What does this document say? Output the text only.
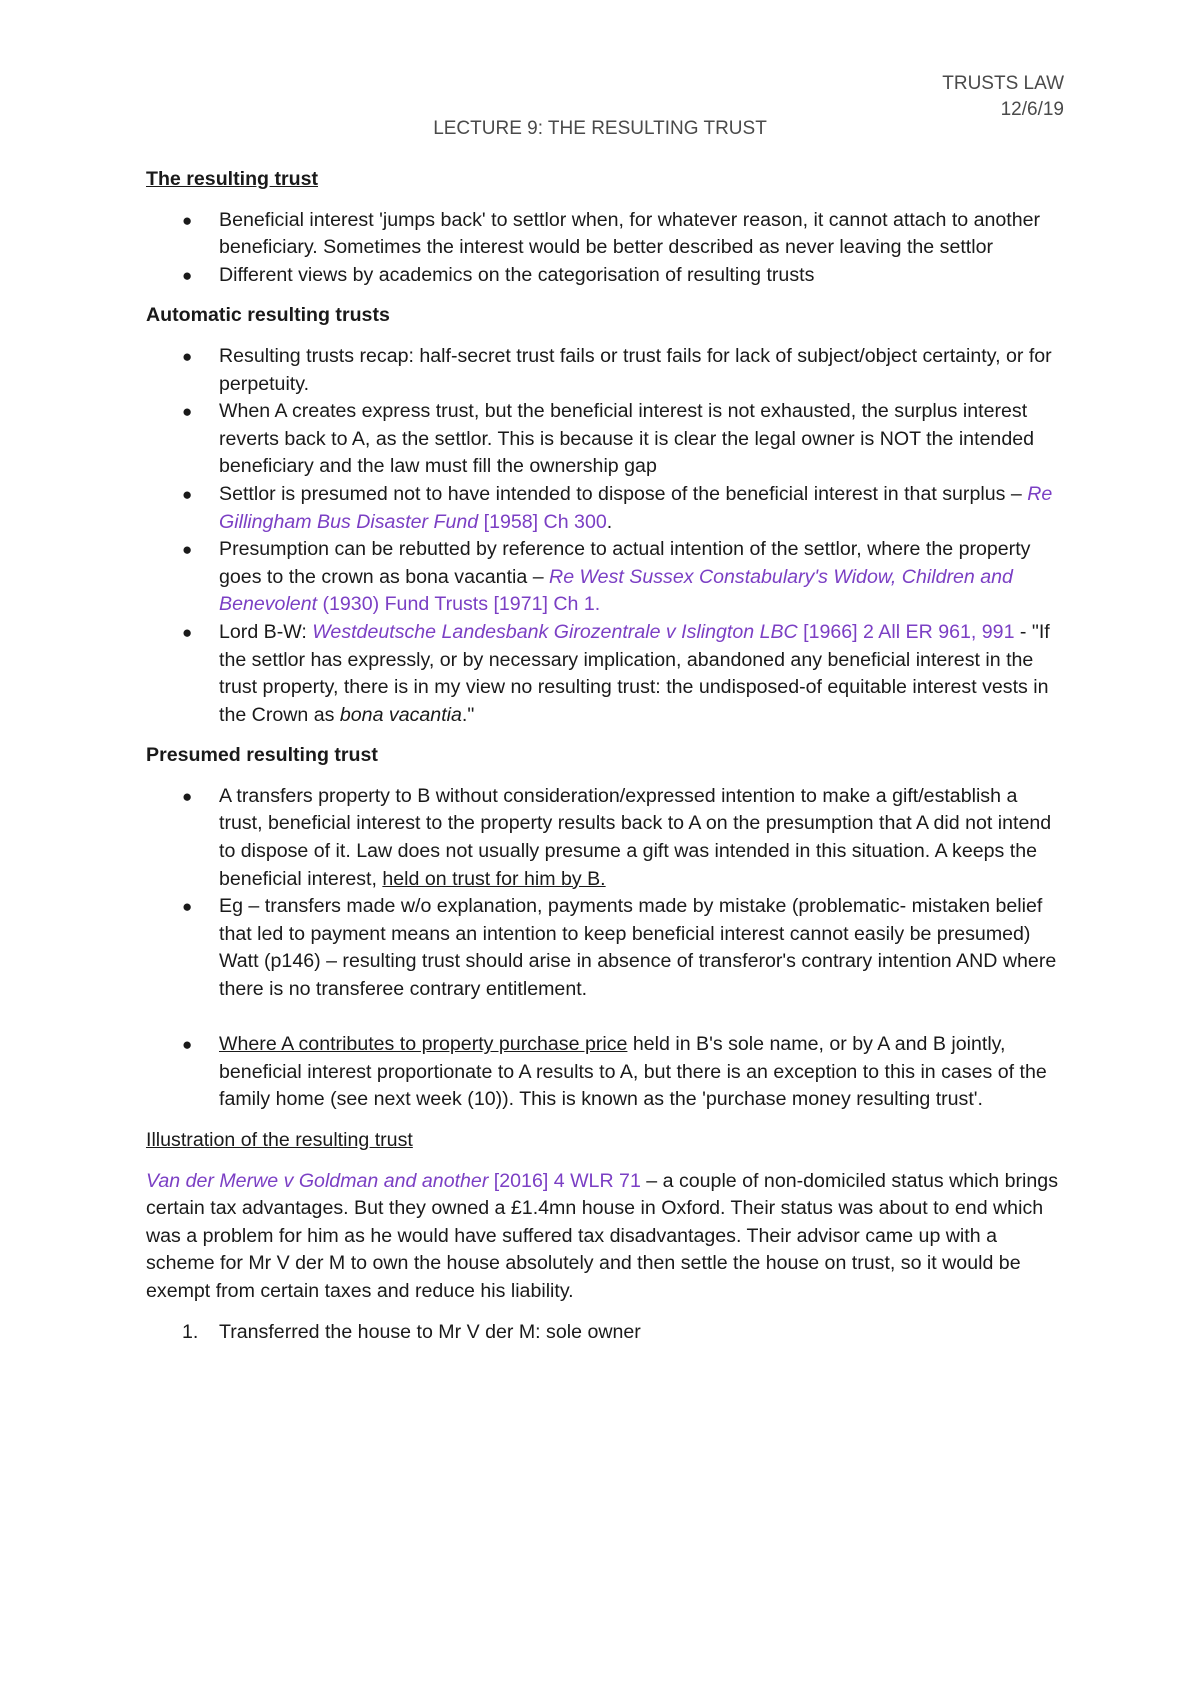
TRUSTS LAW
12/6/19
LECTURE 9: THE RESULTING TRUST
The resulting trust
● Beneficial interest 'jumps back' to settlor when, for whatever reason, it cannot attach to another beneficiary. Sometimes the interest would be better described as never leaving the settlor
● Different views by academics on the categorisation of resulting trusts
Automatic resulting trusts
● Resulting trusts recap: half-secret trust fails or trust fails for lack of subject/object certainty, or for perpetuity.
● When A creates express trust, but the beneficial interest is not exhausted, the surplus interest reverts back to A, as the settlor. This is because it is clear the legal owner is NOT the intended beneficiary and the law must fill the ownership gap
● Settlor is presumed not to have intended to dispose of the beneficial interest in that surplus – Re Gillingham Bus Disaster Fund [1958] Ch 300.
● Presumption can be rebutted by reference to actual intention of the settlor, where the property goes to the crown as bona vacantia – Re West Sussex Constabulary's Widow, Children and Benevolent (1930) Fund Trusts [1971] Ch 1.
● Lord B-W: Westdeutsche Landesbank Girozentrale v Islington LBC [1966] 2 All ER 961, 991 - "If the settlor has expressly, or by necessary implication, abandoned any beneficial interest in the trust property, there is in my view no resulting trust: the undisposed-of equitable interest vests in the Crown as bona vacantia."
Presumed resulting trust
● A transfers property to B without consideration/expressed intention to make a gift/establish a trust, beneficial interest to the property results back to A on the presumption that A did not intend to dispose of it. Law does not usually presume a gift was intended in this situation. A keeps the beneficial interest, held on trust for him by B.
● Eg – transfers made w/o explanation, payments made by mistake (problematic- mistaken belief that led to payment means an intention to keep beneficial interest cannot easily be presumed)
Watt (p146) – resulting trust should arise in absence of transferor's contrary intention AND where there is no transferee contrary entitlement.
● Where A contributes to property purchase price held in B's sole name, or by A and B jointly, beneficial interest proportionate to A results to A, but there is an exception to this in cases of the family home (see next week (10)). This is known as the 'purchase money resulting trust'.

Illustration of the resulting trust

Van der Merwe v Goldman and another [2016] 4 WLR 71 – a couple of non-domiciled status which brings certain tax advantages. But they owned a £1.4mn house in Oxford. Their status was about to end which was a problem for him as he would have suffered tax disadvantages. Their advisor came up with a scheme for Mr V der M to own the house absolutely and then settle the house on trust, so it would be exempt from certain taxes and reduce his liability.

1. Transferred the house to Mr V der M: sole owner
